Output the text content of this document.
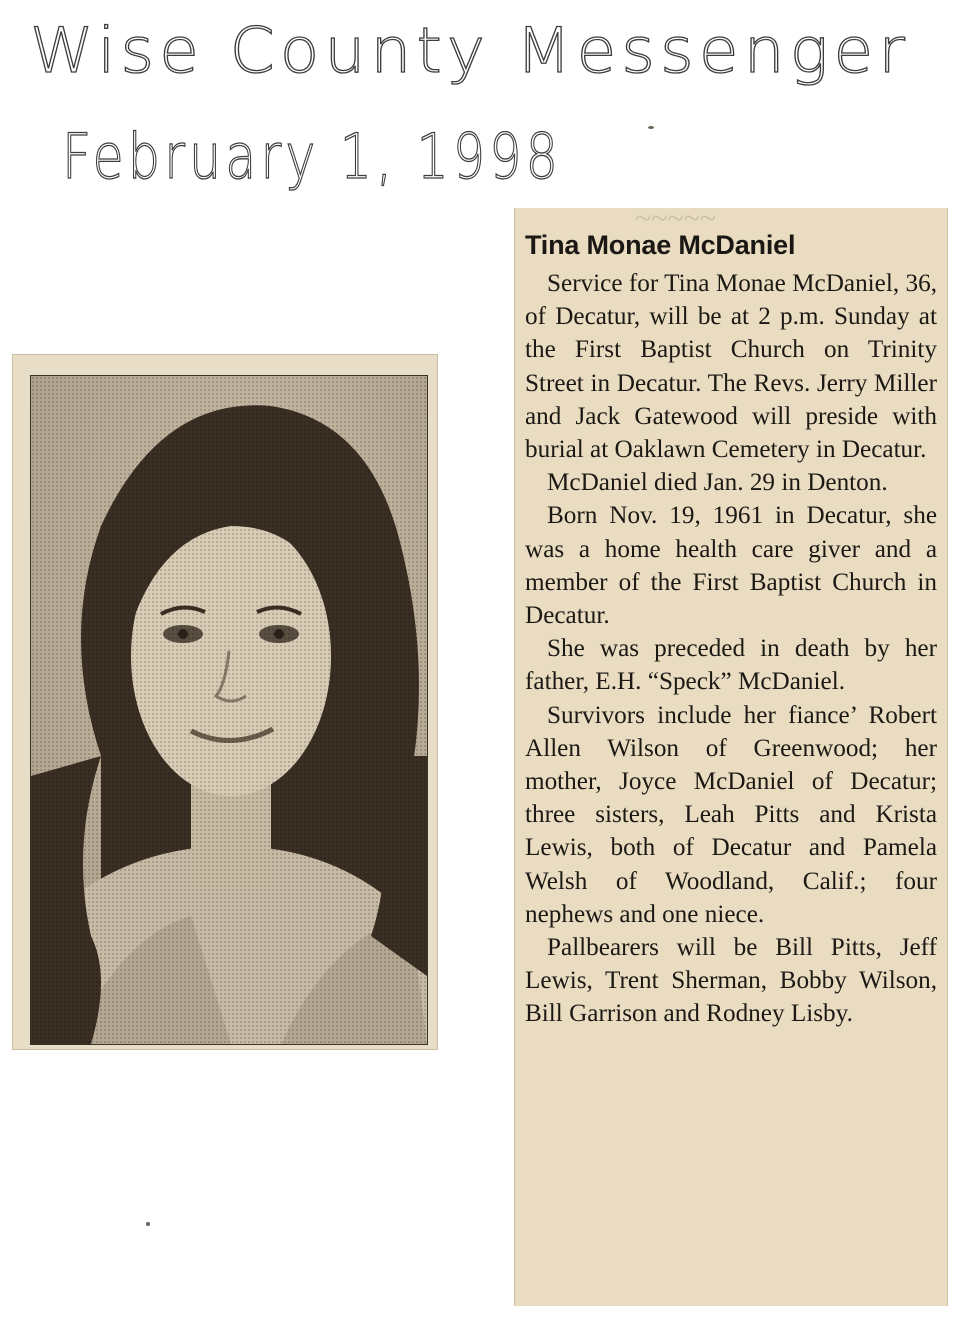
Wise County Messenger
February 1, 1998
~~~~~
Tina Monae McDaniel

Service for Tina Monae McDaniel, 36, of Decatur, will be at 2 p.m. Sunday at the First Baptist Church on Trinity Street in Decatur. The Revs. Jerry Miller and Jack Gatewood will preside with burial at Oaklawn Cemetery in Decatur.

McDaniel died Jan. 29 in Denton.

Born Nov. 19, 1961 in Decatur, she was a home health care giver and a member of the First Baptist Church in Decatur.

She was preceded in death by her father, E.H. “Speck” McDaniel.

Survivors include her fiance’ Robert Allen Wilson of Greenwood; her mother, Joyce McDaniel of Decatur; three sisters, Leah Pitts and Krista Lewis, both of Decatur and Pamela Welsh of Woodland, Calif.; four nephews and one niece.

Pallbearers will be Bill Pitts, Jeff Lewis, Trent Sherman, Bobby Wilson, Bill Garrison and Rodney Lisby.
